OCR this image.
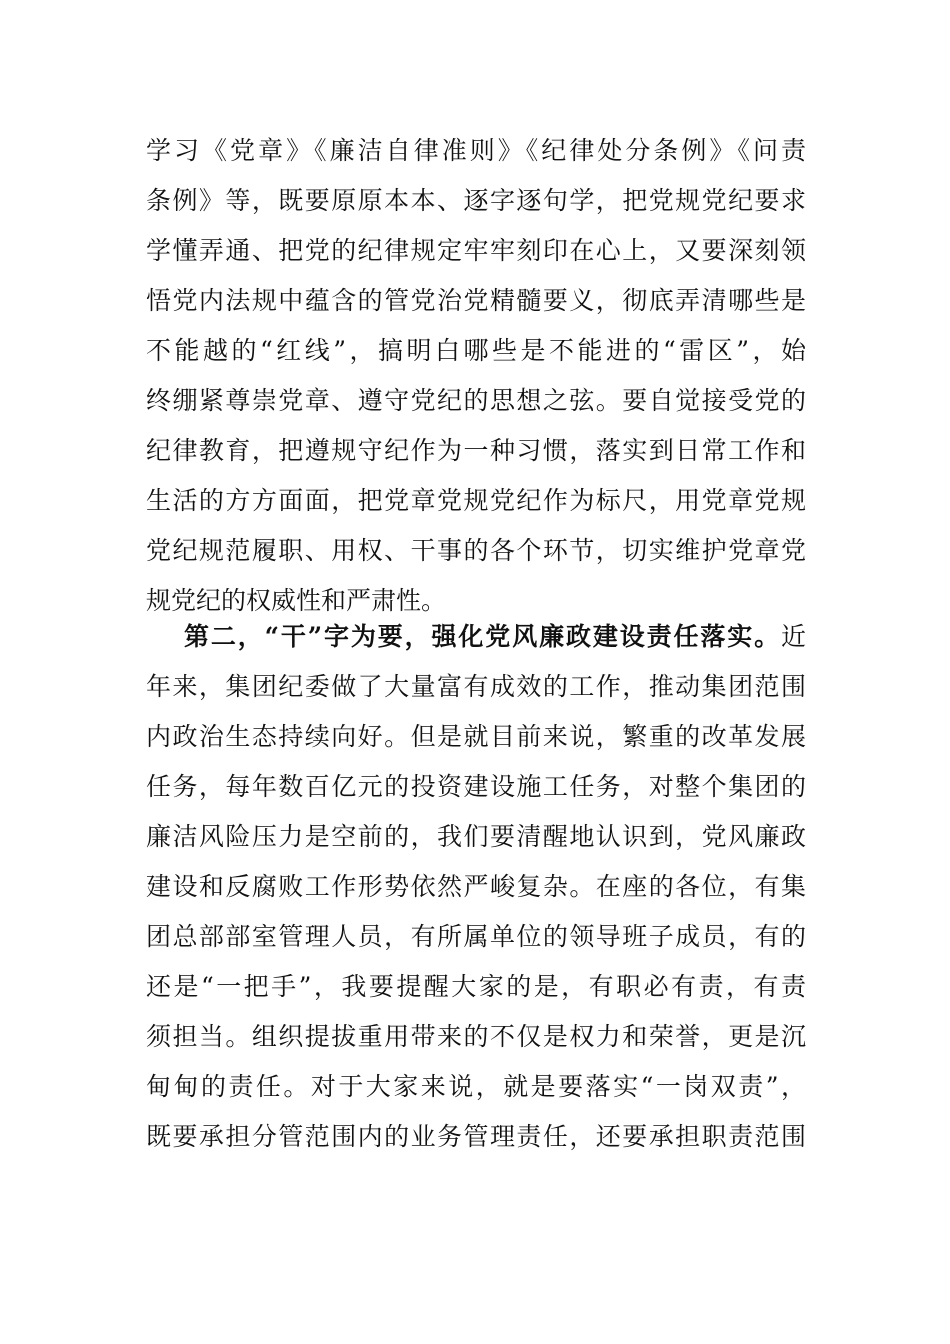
学习《党章》《廉洁自律准则》《纪律处分条例》《问责
条例》等，既要原原本本、逐字逐句学，把党规党纪要求
学懂弄通、把党的纪律规定牢牢刻印在心上，又要深刻领
悟党内法规中蕴含的管党治党精髓要义，彻底弄清哪些是
不能越的“红线”，搞明白哪些是不能进的“雷区”，始
终绷紧尊崇党章、遵守党纪的思想之弦。要自觉接受党的
纪律教育，把遵规守纪作为一种习惯，落实到日常工作和
生活的方方面面，把党章党规党纪作为标尺，用党章党规
党纪规范履职、用权、干事的各个环节，切实维护党章党
规党纪的权威性和严肃性。
第二，“干”字为要，强化党风廉政建设责任落实。近
年来，集团纪委做了大量富有成效的工作，推动集团范围
内政治生态持续向好。但是就目前来说，繁重的改革发展
任务，每年数百亿元的投资建设施工任务，对整个集团的
廉洁风险压力是空前的，我们要清醒地认识到，党风廉政
建设和反腐败工作形势依然严峻复杂。在座的各位，有集
团总部部室管理人员，有所属单位的领导班子成员，有的
还是“一把手”，我要提醒大家的是，有职必有责，有责
须担当。组织提拔重用带来的不仅是权力和荣誉，更是沉
甸甸的责任。对于大家来说，就是要落实“一岗双责”，
既要承担分管范围内的业务管理责任，还要承担职责范围
